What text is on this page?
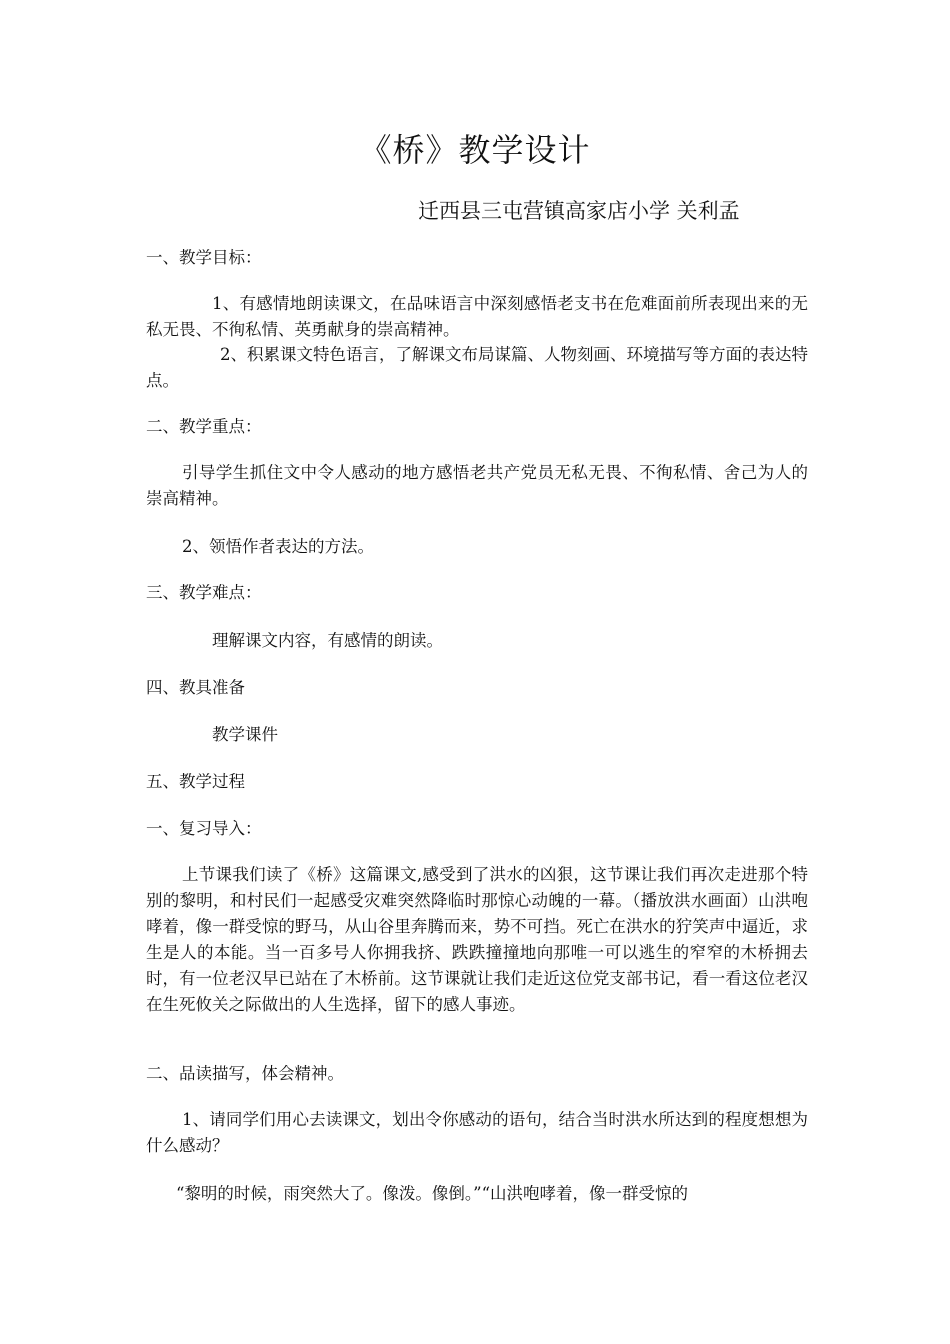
《桥》教学设计
迁西县三屯营镇高家店小学 关利孟

一、教学目标：

1、有感情地朗读课文，在品味语言中深刻感悟老支书在危难面前所表现出来的无私无畏、不徇私情、英勇献身的崇高精神。

2、积累课文特色语言，了解课文布局谋篇、人物刻画、环境描写等方面的表达特点。

二、教学重点：

引导学生抓住文中令人感动的地方感悟老共产党员无私无畏、不徇私情、舍己为人的崇高精神。

2、领悟作者表达的方法。

三、教学难点：

理解课文内容，有感情的朗读。

四、教具准备

教学课件

五、教学过程

一、复习导入：

上节课我们读了《桥》这篇课文,感受到了洪水的凶狠，这节课让我们再次走进那个特别的黎明，和村民们一起感受灾难突然降临时那惊心动魄的一幕。（播放洪水画面）山洪咆哮着，像一群受惊的野马，从山谷里奔腾而来，势不可挡。死亡在洪水的狞笑声中逼近，求生是人的本能。当一百多号人你拥我挤、跌跌撞撞地向那唯一可以逃生的窄窄的木桥拥去时，有一位老汉早已站在了木桥前。这节课就让我们走近这位党支部书记，看一看这位老汉在生死攸关之际做出的人生选择，留下的感人事迹。

二、品读描写，体会精神。

1、请同学们用心去读课文，划出令你感动的语句，结合当时洪水所达到的程度想想为什么感动？

“黎明的时候，雨突然大了。像泼。像倒。”“山洪咆哮着，像一群受惊的
